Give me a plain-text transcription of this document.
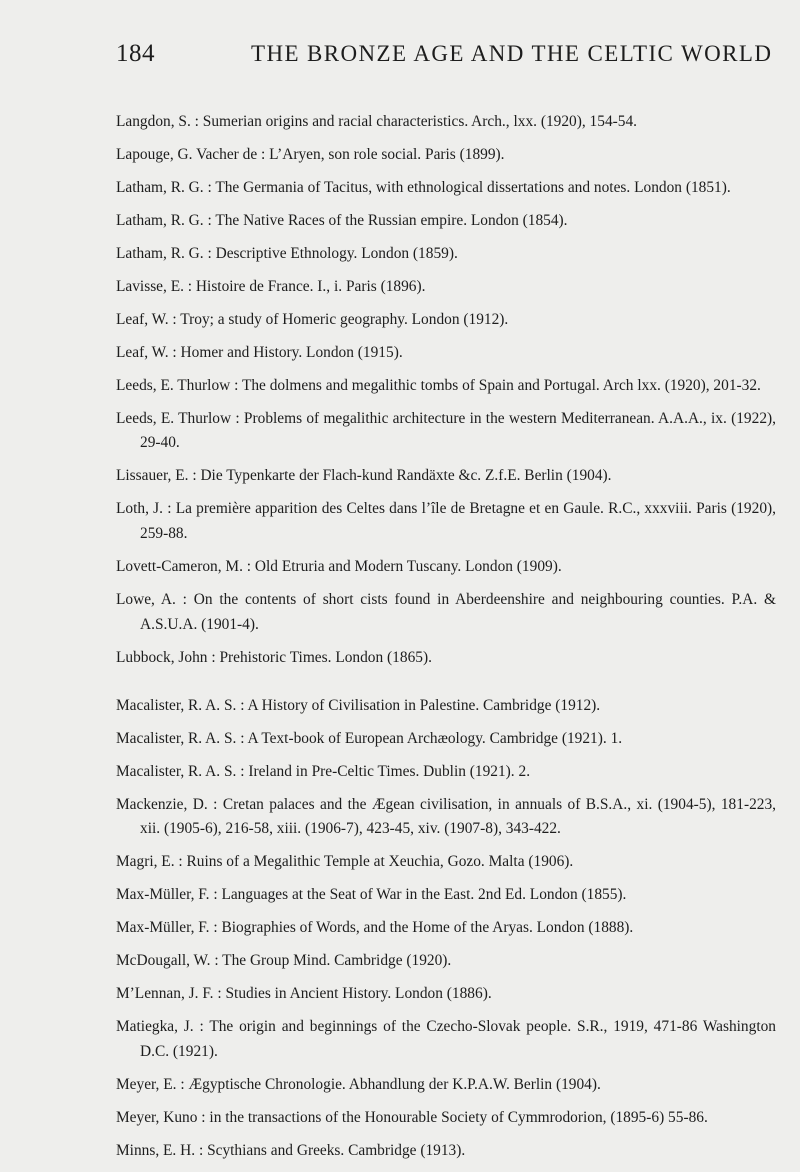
184	THE BRONZE AGE AND THE CELTIC WORLD
Langdon, S. : Sumerian origins and racial characteristics. Arch., lxx. (1920), 154-54.
Lapouge, G. Vacher de : L’Aryen, son role social. Paris (1899).
Latham, R. G. : The Germania of Tacitus, with ethnological dissertations and notes. London (1851).
Latham, R. G. : The Native Races of the Russian empire. London (1854).
Latham, R. G. : Descriptive Ethnology. London (1859).
Lavisse, E. : Histoire de France. I., i. Paris (1896).
Leaf, W. : Troy; a study of Homeric geography. London (1912).
Leaf, W. : Homer and History. London (1915).
Leeds, E. Thurlow : The dolmens and megalithic tombs of Spain and Portugal. Arch lxx. (1920), 201-32.
Leeds, E. Thurlow : Problems of megalithic architecture in the western Mediterranean. A.A.A., ix. (1922), 29-40.
Lissauer, E. : Die Typenkarte der Flach-kund Randäxte &c. Z.f.E. Berlin (1904).
Loth, J. : La premiѐre apparition des Celtes dans l’île de Bretagne et en Gaule. R.C., xxxviii. Paris (1920), 259-88.
Lovett-Cameron, M. : Old Etruria and Modern Tuscany. London (1909).
Lowe, A. : On the contents of short cists found in Aberdeenshire and neighbouring counties. P.A. & A.S.U.A. (1901-4).
Lubbock, John : Prehistoric Times. London (1865).
Macalister, R. A. S. : A History of Civilisation in Palestine. Cambridge (1912).
Macalister, R. A. S. : A Text-book of European Archæology. Cambridge (1921). 1.
Macalister, R. A. S. : Ireland in Pre-Celtic Times. Dublin (1921). 2.
Mackenzie, D. : Cretan palaces and the Ægean civilisation, in annuals of B.S.A., xi. (1904-5), 181-223, xii. (1905-6), 216-58, xiii. (1906-7), 423-45, xiv. (1907-8), 343-422.
Magri, E. : Ruins of a Megalithic Temple at Xeuchia, Gozo. Malta (1906).
Max-Müller, F. : Languages at the Seat of War in the East. 2nd Ed. London (1855).
Max-Müller, F. : Biographies of Words, and the Home of the Aryas. London (1888).
McDougall, W. : The Group Mind. Cambridge (1920).
M’Lennan, J. F. : Studies in Ancient History. London (1886).
Matiegka, J. : The origin and beginnings of the Czecho-Slovak people. S.R., 1919, 471-86 Washington D.C. (1921).
Meyer, E. : Ægyptische Chronologie. Abhandlung der K.P.A.W. Berlin (1904).
Meyer, Kuno : in the transactions of the Honourable Society of Cymmrodorion, (1895-6) 55-86.
Minns, E. H. : Scythians and Greeks. Cambridge (1913).
